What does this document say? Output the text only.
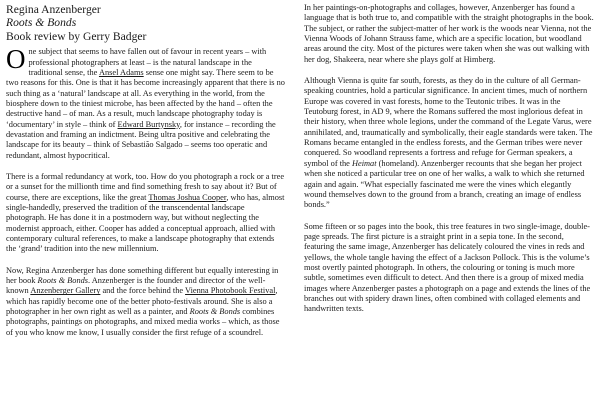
Regina Anzenberger
Roots & Bonds
Book review by Gerry Badger

One subject that seems to have fallen out of favour in recent years – with professional photographers at least – is the natural landscape in the traditional sense, the Ansel Adams sense one might say. There seem to be two reasons for this. One is that it has become increasingly apparent that there is no such thing as a ‘natural’ landscape at all. As everything in the world, from the biosphere down to the tiniest microbe, has been affected by the hand – often the destructive hand – of man. As a result, much landscape photography today is ‘documentary’ in style – think of Edward Burtynsky, for instance – recording the devastation and framing an indictment. Being ultra positive and celebrating the landscape for its beauty – think of Sebastião Salgado – seems too operatic and redundant, almost hypocritical.

There is a formal redundancy at work, too. How do you photograph a rock or a tree or a sunset for the millionth time and find something fresh to say about it? But of course, there are exceptions, like the great Thomas Joshua Cooper, who has, almost single-handedly, preserved the tradition of the transcendental landscape photograph. He has done it in a postmodern way, but without neglecting the modernist approach, either. Cooper has added a conceptual approach, allied with contemporary cultural references, to make a landscape photography that extends the ‘grand’ tradition into the new millennium.

Now, Regina Anzenberger has done something different but equally interesting in her book Roots & Bonds. Anzenberger is the founder and director of the well-known Anzenberger Gallery and the force behind the Vienna Photobook Festival, which has rapidly become one of the better photo-festivals around. She is also a photographer in her own right as well as a painter, and Roots & Bonds combines photographs, paintings on photographs, and mixed media works – which, as those of you who know me know, I usually consider the first refuge of a scoundrel.

In her paintings-on-photographs and collages, however, Anzenberger has found a language that is both true to, and compatible with the straight photographs in the book. The subject, or rather the subject-matter of her work is the woods near Vienna, not the Vienna Woods of Johann Strauss fame, which are a specific location, but woodland areas around the city. Most of the pictures were taken when she was out walking with her dog, Shakeera, near where she plays golf at Himberg.

Although Vienna is quite far south, forests, as they do in the culture of all German-speaking countries, hold a particular significance. In ancient times, much of northern Europe was covered in vast forests, home to the Teutonic tribes. It was in the Teutoburg forest, in AD 9, where the Romans suffered the most inglorious defeat in their history, when three whole legions, under the command of the Legate Varus, were annihilated, and, traumatically and symbolically, their eagle standards were taken. The Romans became entangled in the endless forests, and the German tribes were never conquered. So woodland represents a fortress and refuge for German speakers, a symbol of the Heimat (homeland). Anzenberger recounts that she began her project when she noticed a particular tree on one of her walks, a walk to which she returned again and again. “What especially fascinated me were the vines which elegantly wound themselves down to the ground from a branch, creating an image of endless bonds.”

Some fifteen or so pages into the book, this tree features in two single-image, double-page spreads. The first picture is a straight print in a sepia tone. In the second, featuring the same image, Anzenberger has delicately coloured the vines in reds and yellows, the whole tangle having the effect of a Jackson Pollock. This is the volume’s most overtly painted photograph. In others, the colouring or toning is much more subtle, sometimes even difficult to detect. And then there is a group of mixed media images where Anzenberger pastes a photograph on a page and extends the lines of the branches out with spidery drawn lines, often combined with collaged elements and handwritten texts.
